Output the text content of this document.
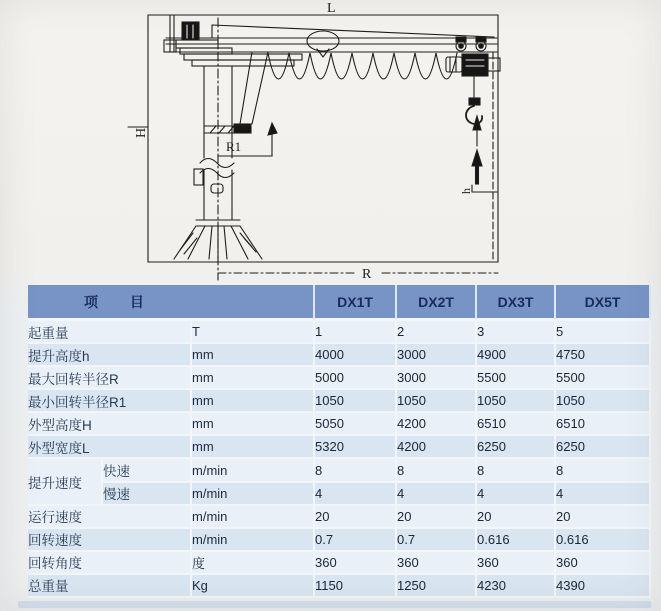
L
H
R1
R
h
项 目			DX1T	DX2T	DX3T	DX5T
起重量		T	1	2	3	5
提升高度h		mm	4000	3000	4900	4750
最大回转半径R		mm	5000	3000	5500	5500
最小回转半径R1		mm	1050	1050	1050	1050
外型高度H		mm	5050	4200	6510	6510
外型宽度L		mm	5320	4200	6250	6250
提升速度	快速	m/min	8	8	8	8
	慢速	m/min	4	4	4	4
运行速度		m/min	20	20	20	20
回转速度		m/min	0.7	0.7	0.616	0.616
回转角度		度	360	360	360	360
总重量		Kg	1150	1250	4230	4390
